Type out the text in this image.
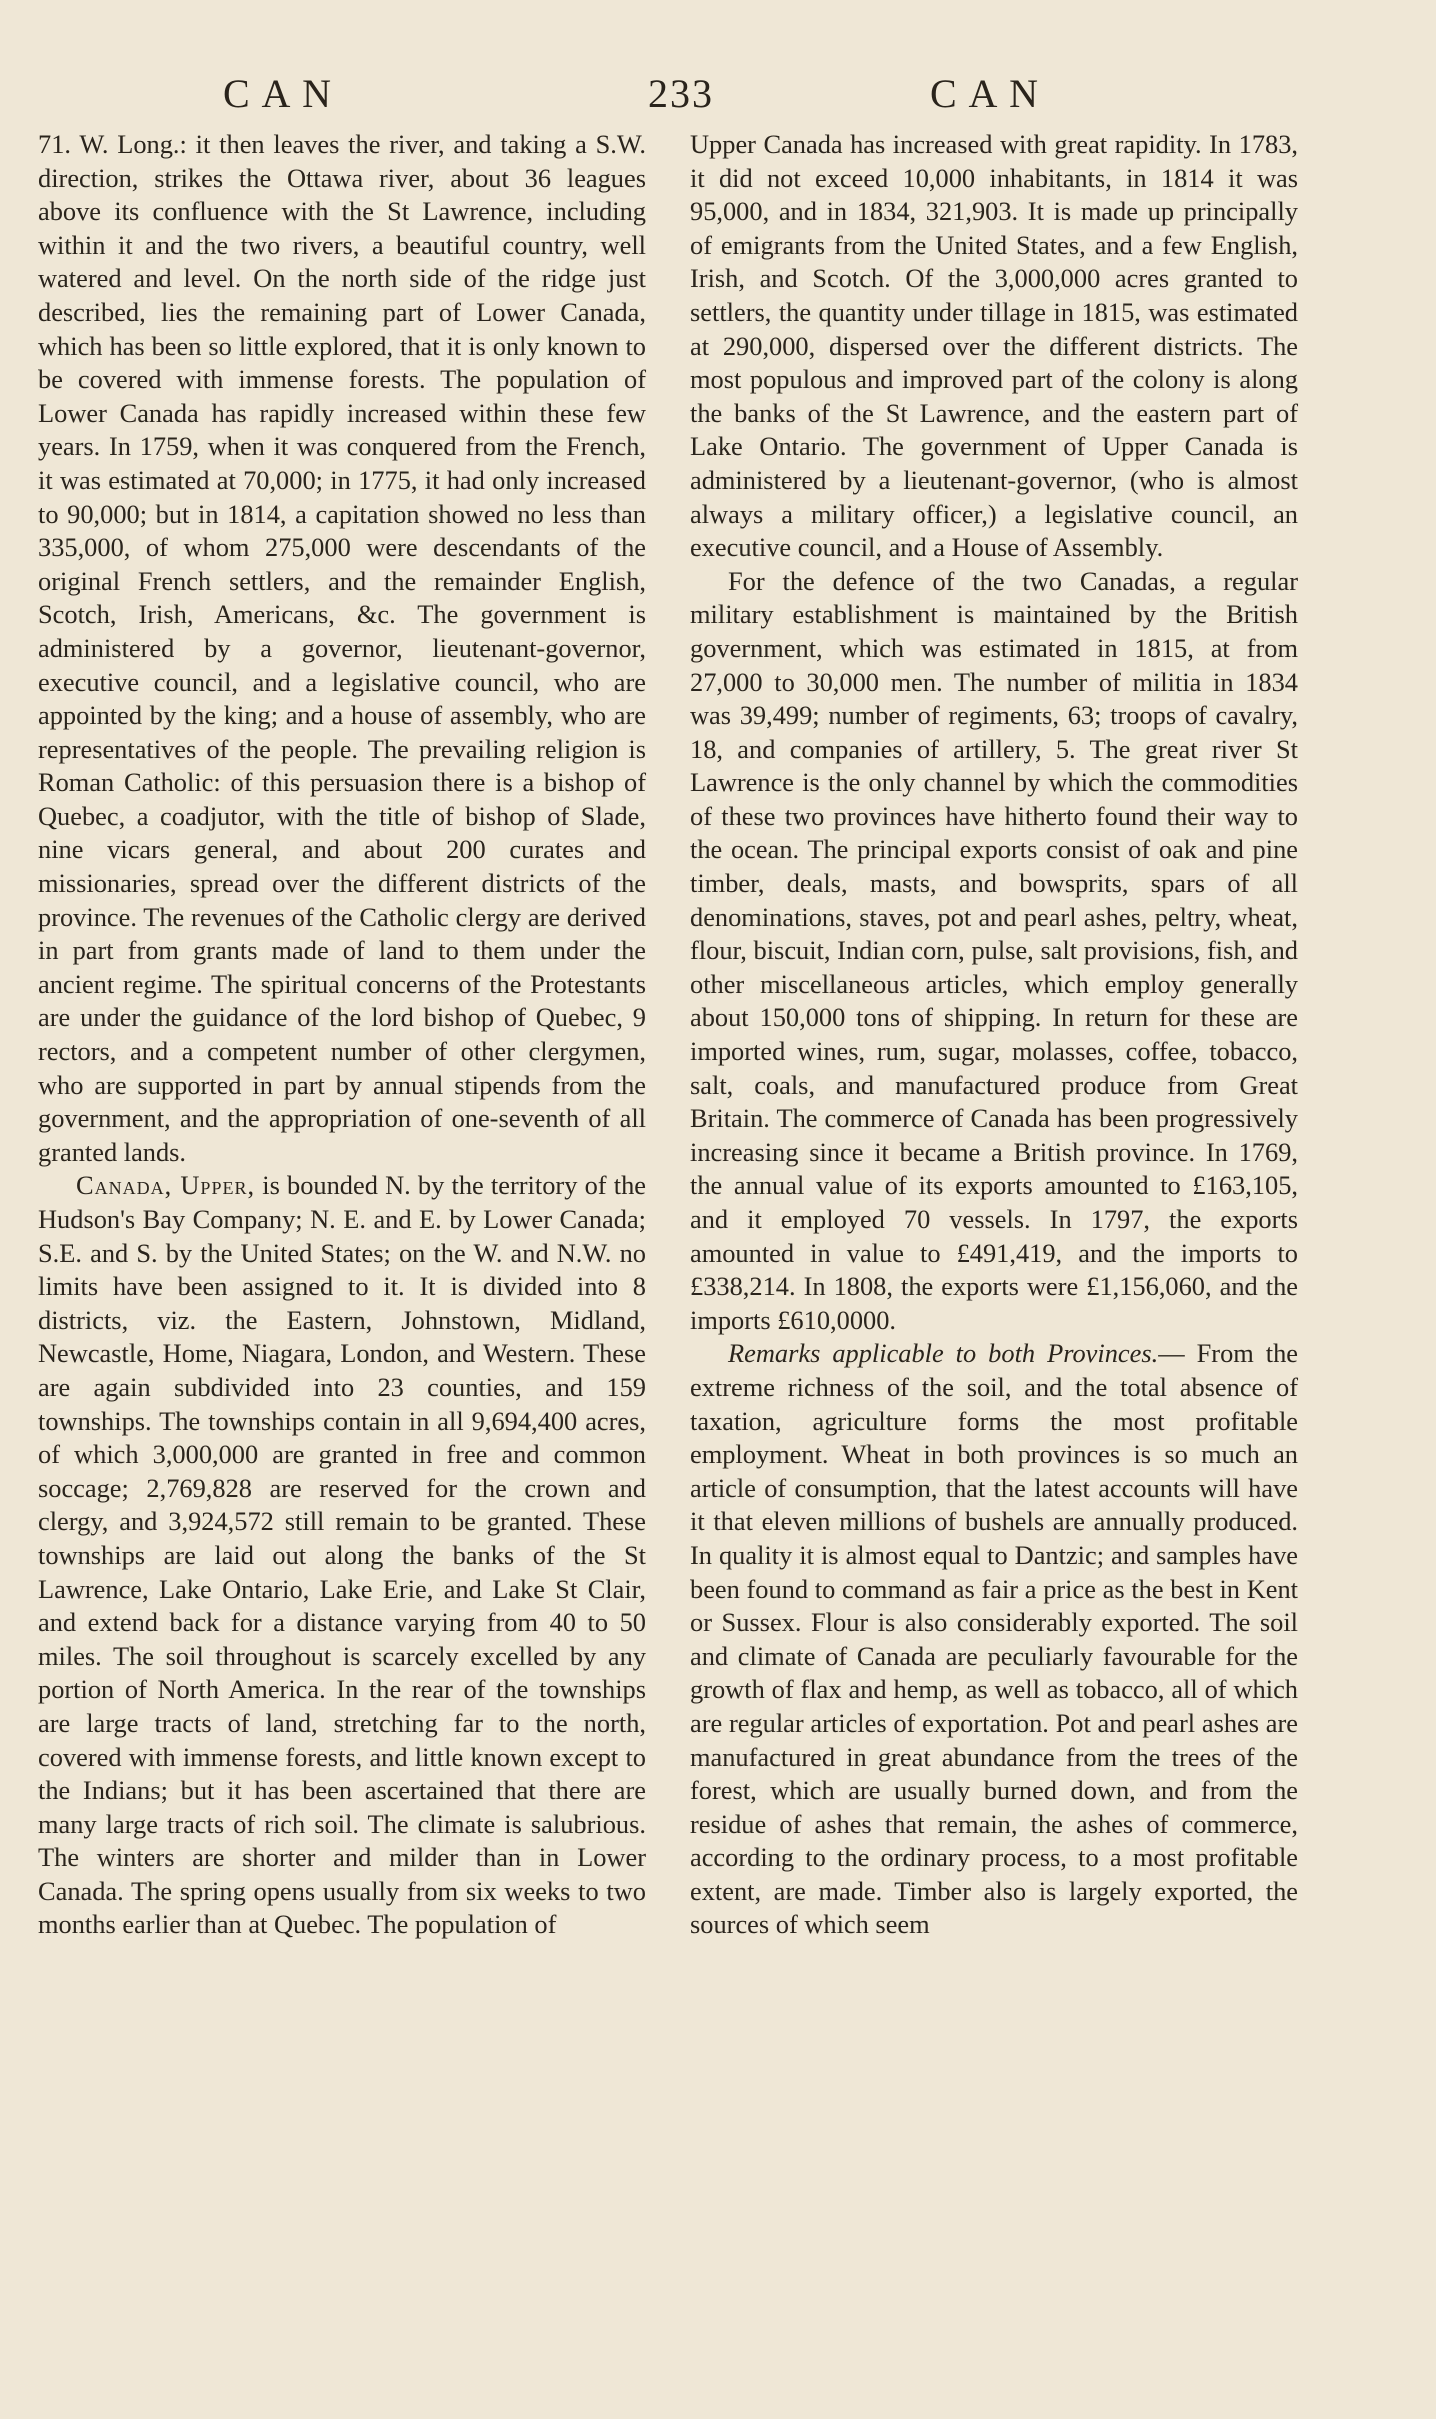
C A N	233	C A N

71. W. Long.: it then leaves the river, and taking a S.W. direction, strikes the Ottawa river, about 36 leagues above its confluence with the St Lawrence, including within it and the two rivers, a beautiful country, well watered and level. On the north side of the ridge just described, lies the remaining part of Lower Canada, which has been so little explored, that it is only known to be covered with immense forests. The population of Lower Canada has rapidly increased within these few years. In 1759, when it was conquered from the French, it was estimated at 70,000; in 1775, it had only increased to 90,000; but in 1814, a capitation showed no less than 335,000, of whom 275,000 were descendants of the original French settlers, and the remainder English, Scotch, Irish, Americans, &c. The government is administered by a governor, lieutenant-governor, executive council, and a legislative council, who are appointed by the king; and a house of assembly, who are representatives of the people. The prevailing religion is Roman Catholic: of this persuasion there is a bishop of Quebec, a coadjutor, with the title of bishop of Slade, nine vicars general, and about 200 curates and missionaries, spread over the different districts of the province. The revenues of the Catholic clergy are derived in part from grants made of land to them under the ancient regime. The spiritual concerns of the Protestants are under the guidance of the lord bishop of Quebec, 9 rectors, and a competent number of other clergymen, who are supported in part by annual stipends from the government, and the appropriation of one-seventh of all granted lands.

Canada, Upper, is bounded N. by the territory of the Hudson's Bay Company; N. E. and E. by Lower Canada; S.E. and S. by the United States; on the W. and N.W. no limits have been assigned to it. It is divided into 8 districts, viz. the Eastern, Johnstown, Midland, Newcastle, Home, Niagara, London, and Western. These are again subdivided into 23 counties, and 159 townships. The townships contain in all 9,694,400 acres, of which 3,000,000 are granted in free and common soccage; 2,769,828 are reserved for the crown and clergy, and 3,924,572 still remain to be granted. These townships are laid out along the banks of the St Lawrence, Lake Ontario, Lake Erie, and Lake St Clair, and extend back for a distance varying from 40 to 50 miles. The soil throughout is scarcely excelled by any portion of North America. In the rear of the townships are large tracts of land, stretching far to the north, covered with immense forests, and little known except to the Indians; but it has been ascertained that there are many large tracts of rich soil. The climate is salubrious. The winters are shorter and milder than in Lower Canada. The spring opens usually from six weeks to two months earlier than at Quebec. The population of

Upper Canada has increased with great rapidity. In 1783, it did not exceed 10,000 inhabitants, in 1814 it was 95,000, and in 1834, 321,903. It is made up principally of emigrants from the United States, and a few English, Irish, and Scotch. Of the 3,000,000 acres granted to settlers, the quantity under tillage in 1815, was estimated at 290,000, dispersed over the different districts. The most populous and improved part of the colony is along the banks of the St Lawrence, and the eastern part of Lake Ontario. The government of Upper Canada is administered by a lieutenant-governor, (who is almost always a military officer,) a legislative council, an executive council, and a House of Assembly.

For the defence of the two Canadas, a regular military establishment is maintained by the British government, which was estimated in 1815, at from 27,000 to 30,000 men. The number of militia in 1834 was 39,499; number of regiments, 63; troops of cavalry, 18, and companies of artillery, 5. The great river St Lawrence is the only channel by which the commodities of these two provinces have hitherto found their way to the ocean. The principal exports consist of oak and pine timber, deals, masts, and bowsprits, spars of all denominations, staves, pot and pearl ashes, peltry, wheat, flour, biscuit, Indian corn, pulse, salt provisions, fish, and other miscellaneous articles, which employ generally about 150,000 tons of shipping. In return for these are imported wines, rum, sugar, molasses, coffee, tobacco, salt, coals, and manufactured produce from Great Britain. The commerce of Canada has been progressively increasing since it became a British province. In 1769, the annual value of its exports amounted to £163,105, and it employed 70 vessels. In 1797, the exports amounted in value to £491,419, and the imports to £338,214. In 1808, the exports were £1,156,060, and the imports £610,0000.

Remarks applicable to both Provinces.— From the extreme richness of the soil, and the total absence of taxation, agriculture forms the most profitable employment. Wheat in both provinces is so much an article of consumption, that the latest accounts will have it that eleven millions of bushels are annually produced. In quality it is almost equal to Dantzic; and samples have been found to command as fair a price as the best in Kent or Sussex. Flour is also considerably exported. The soil and climate of Canada are peculiarly favourable for the growth of flax and hemp, as well as tobacco, all of which are regular articles of exportation. Pot and pearl ashes are manufactured in great abundance from the trees of the forest, which are usually burned down, and from the residue of ashes that remain, the ashes of commerce, according to the ordinary process, to a most profitable extent, are made. Timber also is largely exported, the sources of which seem
